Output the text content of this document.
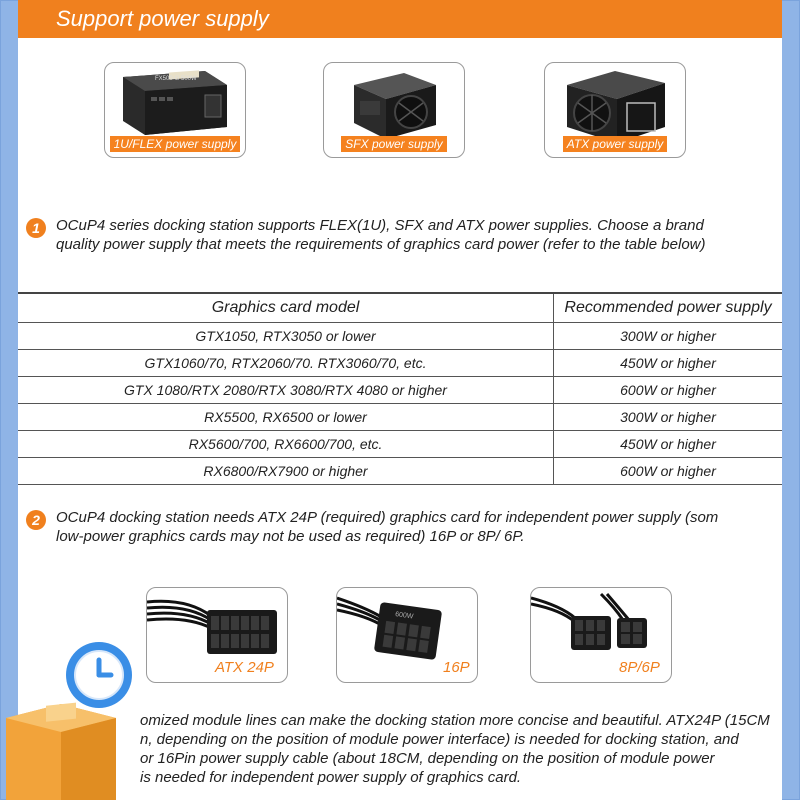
Support power supply
FX500-G 500W
1U/FLEX power supply	SFX power supply	ATX power supply
1	OCuP4 series docking station supports FLEX(1U), SFX and ATX power supplies. Choose a brand
quality power supply that meets the requirements of graphics card power (refer to the table below)
Graphics card model	Recommended power supply
GTX1050, RTX3050 or lower	300W or higher
GTX1060/70, RTX2060/70. RTX3060/70, etc.	450W or higher
GTX 1080/RTX 2080/RTX 3080/RTX 4080 or higher	600W or higher
RX5500, RX6500 or lower	300W or higher
RX5600/700, RX6600/700, etc.	450W or higher
RX6800/RX7900 or higher	600W or higher
2	OCuP4 docking station needs ATX 24P (required) graphics card for independent power supply (som
low-power graphics cards may not be used as required) 16P or 8P/ 6P.
ATX 24P
600W
16P	8P/6P
omized module lines can make the docking station more concise and beautiful. ATX24P (15CM
n, depending on the position of module power interface) is needed for docking station, and
or 16Pin power supply cable (about 18CM, depending on the position of module power
is needed for independent power supply of graphics card.
